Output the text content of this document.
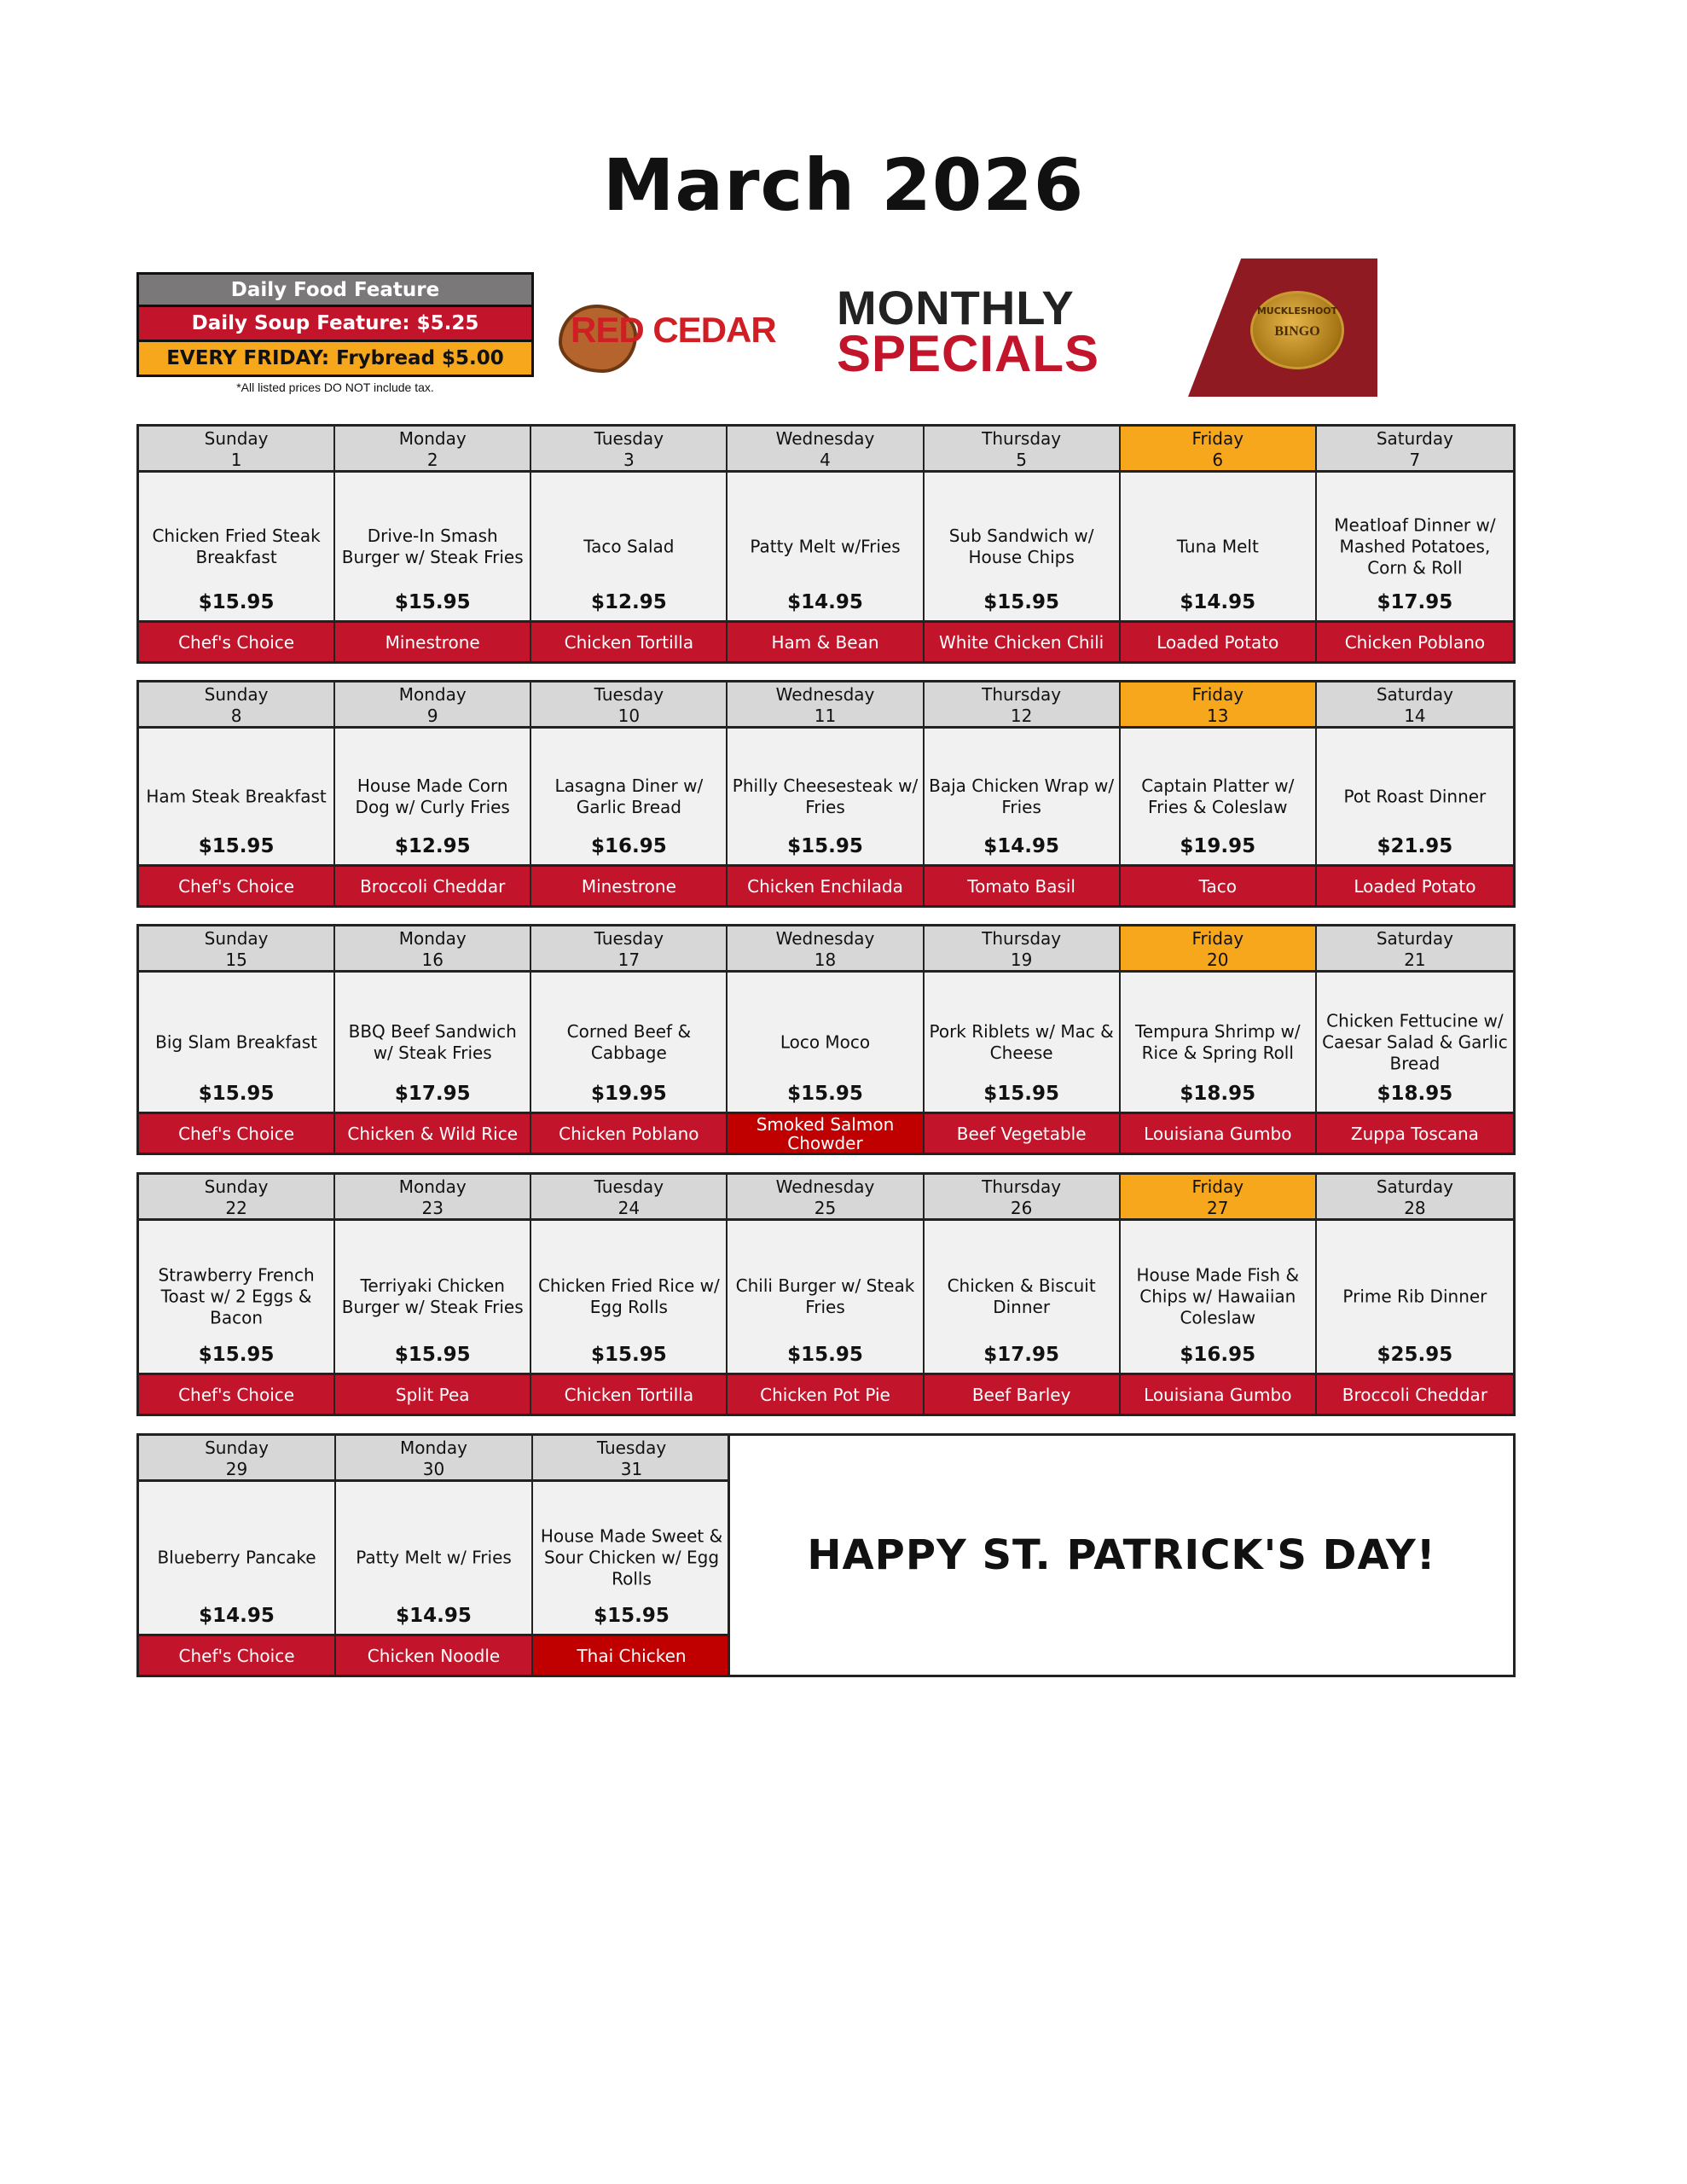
March 2026
Daily Food Feature
Daily Soup Feature: $5.25
EVERY FRIDAY: Frybread $5.00
*All listed prices DO NOT include tax.
RED CEDAR MONTHLY
SPECIALS
MUCKLESHOOT
BINGO
Sunday
1
Chicken Fried Steak Breakfast
$15.95
Chef's Choice
Monday
2
Drive-In Smash Burger w/ Steak Fries
$15.95
Minestrone
Tuesday
3
Taco Salad
$12.95
Chicken Tortilla
Wednesday
4
Patty Melt w/Fries
$14.95
Ham & Bean
Thursday
5
Sub Sandwich w/ House Chips
$15.95
White Chicken Chili
Friday
6
Tuna Melt
$14.95
Loaded Potato
Saturday
7
Meatloaf Dinner w/ Mashed Potatoes, Corn & Roll
$17.95
Chicken Poblano
Sunday
8
Ham Steak Breakfast
$15.95
Chef's Choice
Monday
9
House Made Corn Dog w/ Curly Fries
$12.95
Broccoli Cheddar
Tuesday
10
Lasagna Diner w/ Garlic Bread
$16.95
Minestrone
Wednesday
11
Philly Cheesesteak w/ Fries
$15.95
Chicken Enchilada
Thursday
12
Baja Chicken Wrap w/ Fries
$14.95
Tomato Basil
Friday
13
Captain Platter w/ Fries & Coleslaw
$19.95
Taco
Saturday
14
Pot Roast Dinner
$21.95
Loaded Potato
Sunday
15
Big Slam Breakfast
$15.95
Chef's Choice
Monday
16
BBQ Beef Sandwich w/ Steak Fries
$17.95
Chicken & Wild Rice
Tuesday
17
Corned Beef & Cabbage
$19.95
Chicken Poblano
Wednesday
18
Loco Moco
$15.95
Smoked Salmon Chowder
Thursday
19
Pork Riblets w/ Mac & Cheese
$15.95
Beef Vegetable
Friday
20
Tempura Shrimp w/ Rice & Spring Roll
$18.95
Louisiana Gumbo
Saturday
21
Chicken Fettucine w/ Caesar Salad & Garlic Bread
$18.95
Zuppa Toscana
Sunday
22
Strawberry French Toast w/ 2 Eggs & Bacon
$15.95
Chef's Choice
Monday
23
Terriyaki Chicken Burger w/ Steak Fries
$15.95
Split Pea
Tuesday
24
Chicken Fried Rice w/ Egg Rolls
$15.95
Chicken Tortilla
Wednesday
25
Chili Burger w/ Steak Fries
$15.95
Chicken Pot Pie
Thursday
26
Chicken & Biscuit Dinner
$17.95
Beef Barley
Friday
27
House Made Fish & Chips w/ Hawaiian Coleslaw
$16.95
Louisiana Gumbo
Saturday
28
Prime Rib Dinner
$25.95
Broccoli Cheddar
Sunday
29
Blueberry Pancake
$14.95
Chef's Choice
Monday
30
Patty Melt w/ Fries
$14.95
Chicken Noodle
Tuesday
31
House Made Sweet & Sour Chicken w/ Egg Rolls
$15.95
Thai Chicken
HAPPY ST. PATRICK'S DAY!
